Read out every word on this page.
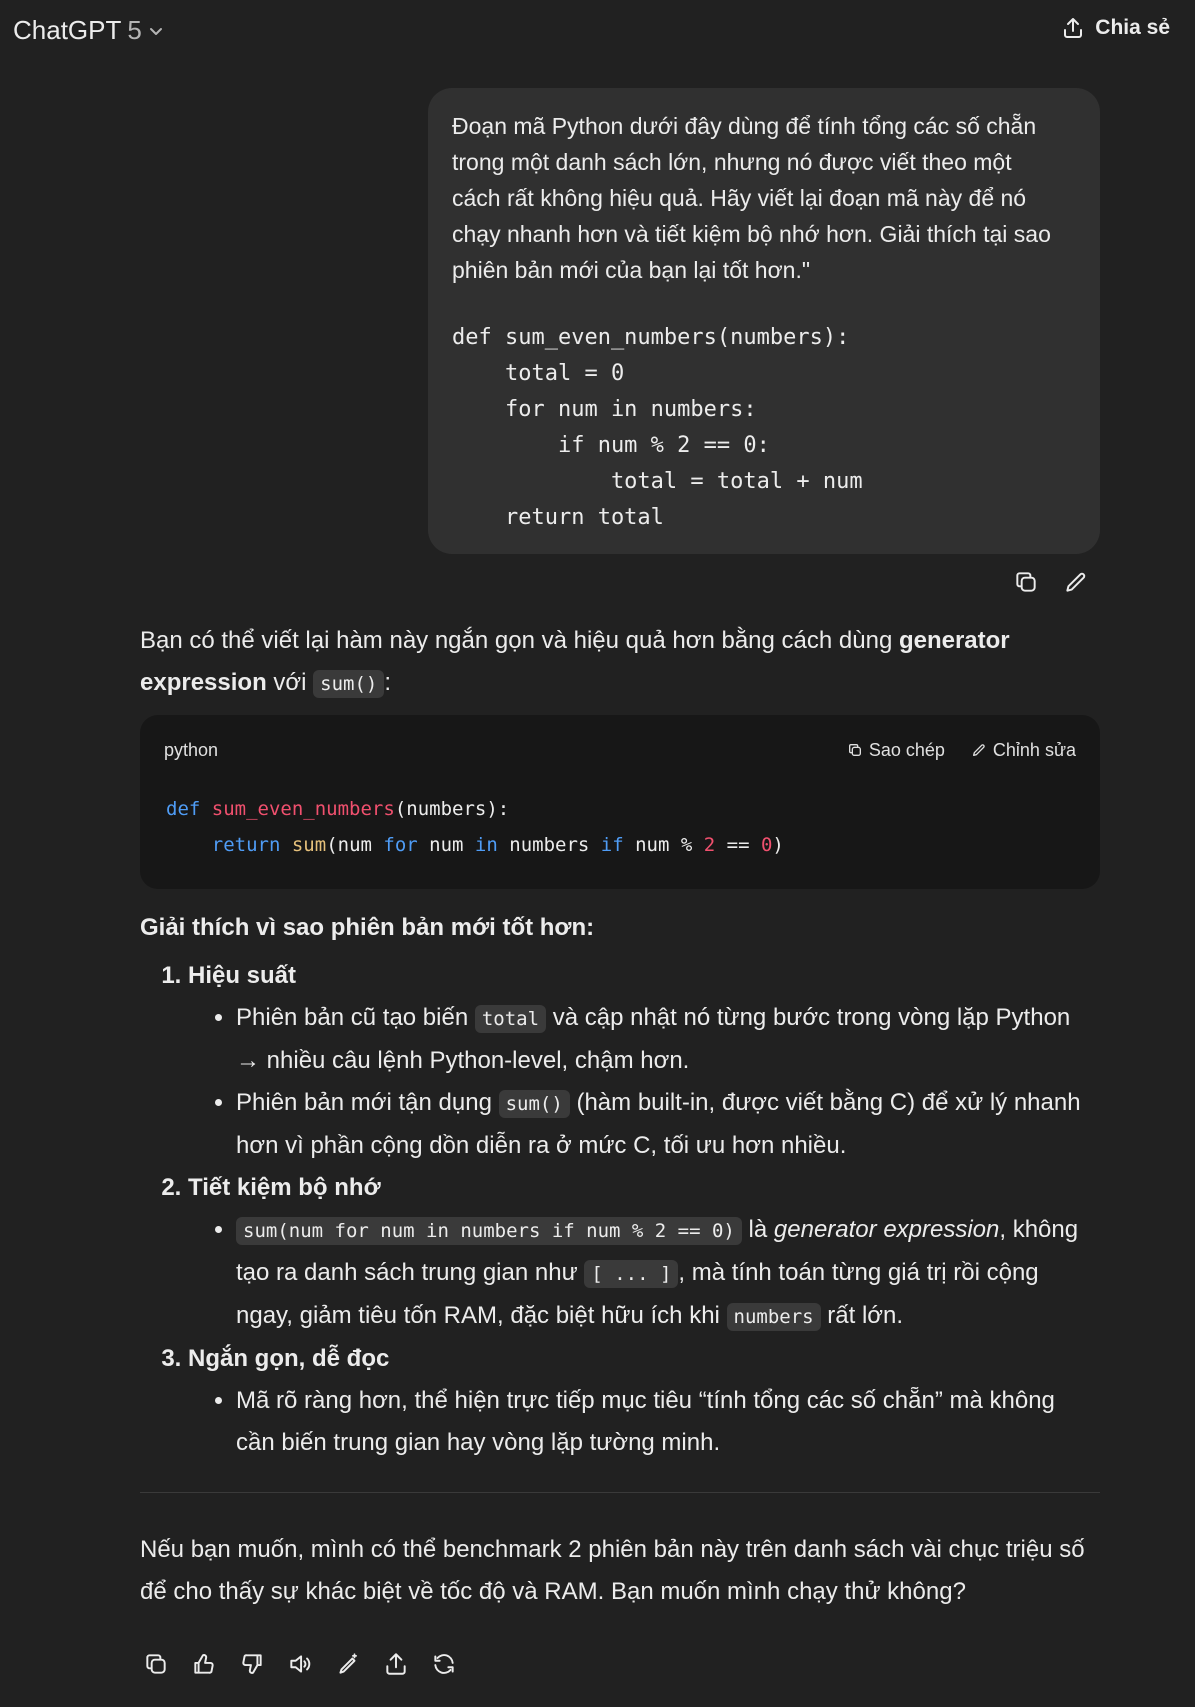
ChatGPT 5	Chia sẻ

Đoạn mã Python dưới đây dùng để tính tổng các số chẵn
trong một danh sách lớn, nhưng nó được viết theo một
cách rất không hiệu quả. Hãy viết lại đoạn mã này để nó
chạy nhanh hơn và tiết kiệm bộ nhớ hơn. Giải thích tại sao
phiên bản mới của bạn lại tốt hơn."

def sum_even_numbers(numbers):
total = 0
for num in numbers:
if num % 2 == 0:
total = total + num
return total

Bạn có thể viết lại hàm này ngắn gọn và hiệu quả hơn bằng cách dùng generator expression với sum() :

python	Sao chép	Chỉnh sửa
def sum_even_numbers(numbers):
return sum(num for num in numbers if num % 2 == 0)
Giải thích vì sao phiên bản mới tốt hơn:
1. Hiệu suất
• Phiên bản cũ tạo biến total và cập nhật nó từng bước trong vòng lặp Python → nhiều câu lệnh Python-level, chậm hơn.
• Phiên bản mới tận dụng sum() (hàm built-in, được viết bằng C) để xử lý nhanh hơn vì phần cộng dồn diễn ra ở mức C, tối ưu hơn nhiều.
2. Tiết kiệm bộ nhớ
• sum(num for num in numbers if num % 2 == 0) là generator expression, không tạo ra danh sách trung gian như [ ... ] , mà tính toán từng giá trị rồi cộng ngay, giảm tiêu tốn RAM, đặc biệt hữu ích khi numbers rất lớn.
3. Ngắn gọn, dễ đọc
• Mã rõ ràng hơn, thể hiện trực tiếp mục tiêu “tính tổng các số chẵn” mà không cần biến trung gian hay vòng lặp tường minh.

Nếu bạn muốn, mình có thể benchmark 2 phiên bản này trên danh sách vài chục triệu số để cho thấy sự khác biệt về tốc độ và RAM. Bạn muốn mình chạy thử không?
